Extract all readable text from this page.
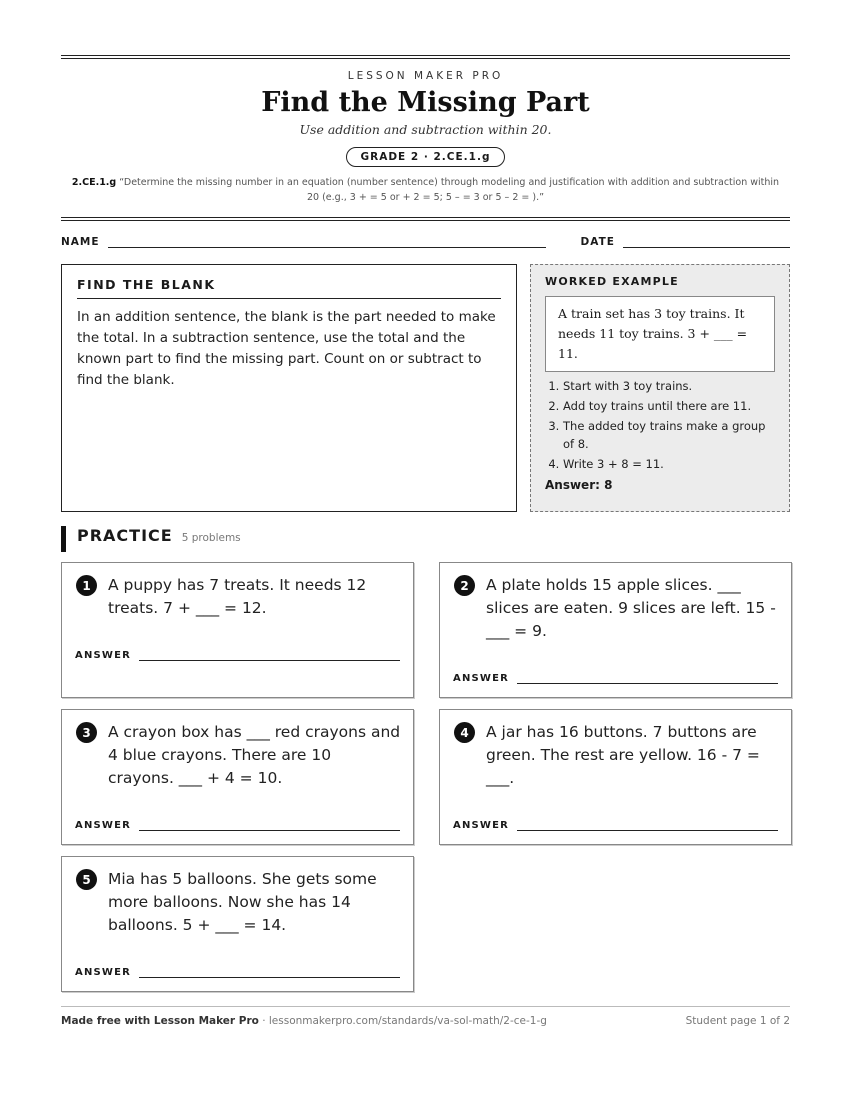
LESSON MAKER PRO
Find the Missing Part
Use addition and subtraction within 20.
GRADE 2 · 2.CE.1.g
2.CE.1.g “Determine the missing number in an equation (number sentence) through modeling and justification with addition and subtraction within 20 (e.g., 3 + = 5 or + 2 = 5; 5 – = 3 or 5 – 2 = ).”
NAME	DATE
FIND THE BLANK
In an addition sentence, the blank is the part needed to make the total. In a subtraction sentence, use the total and the known part to find the missing part. Count on or subtract to find the blank.
WORKED EXAMPLE
A train set has 3 toy trains. It needs 11 toy trains. 3 + ___ = 11.
1. Start with 3 toy trains.
2. Add toy trains until there are 11.
3. The added toy trains make a group of 8.
4. Write 3 + 8 = 11.
Answer: 8
PRACTICE 5 problems
1	A puppy has 7 treats. It needs 12 treats. 7 + ___ = 12.
ANSWER
2	A plate holds 15 apple slices. ___ slices are eaten. 9 slices are left. 15 - ___ = 9.
ANSWER
3	A crayon box has ___ red crayons and 4 blue crayons. There are 10 crayons. ___ + 4 = 10.
ANSWER
4	A jar has 16 buttons. 7 buttons are green. The rest are yellow. 16 - 7 = ___.
ANSWER
5	Mia has 5 balloons. She gets some more balloons. Now she has 14 balloons. 5 + ___ = 14.
ANSWER
Made free with Lesson Maker Pro · lessonmakerpro.com/standards/va-sol-math/2-ce-1-g	Student page 1 of 2
